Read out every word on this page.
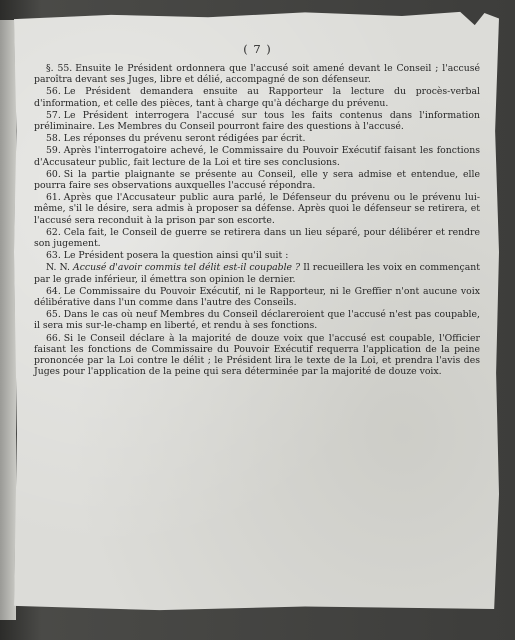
( 7 )

§. 55. Ensuite le Président ordonnera que l'accusé soit amené devant le Conseil ; l'accusé paroîtra devant ses Juges, libre et délié, accompagné de son défenseur.

56. Le Président demandera ensuite au Rapporteur la lecture du procès-verbal d'information, et celle des pièces, tant à charge qu'à décharge du prévenu.

57. Le Président interrogera l'accusé sur tous les faits contenus dans l'information préliminaire. Les Membres du Conseil pourront faire des questions à l'accusé.

58. Les réponses du prévenu seront rédigées par écrit.

59. Après l'interrogatoire achevé, le Commissaire du Pouvoir Exécutif faisant les fonctions d'Accusateur public, fait lecture de la Loi et tire ses conclusions.

60. Si la partie plaignante se présente au Conseil, elle y sera admise et entendue, elle pourra faire ses observations auxquelles l'accusé répondra.

61. Après que l'Accusateur public aura parlé, le Défenseur du prévenu ou le prévenu lui-même, s'il le désire, sera admis à proposer sa défense. Après quoi le défenseur se retirera, et l'accusé sera reconduit à la prison par son escorte.

62. Cela fait, le Conseil de guerre se retirera dans un lieu séparé, pour délibérer et rendre son jugement.

63. Le Président posera la question ainsi qu'il suit :

N. N. Accusé d'avoir commis tel délit est-il coupable ? Il recueillera les voix en commençant par le grade inférieur, il émettra son opinion le dernier.

64. Le Commissaire du Pouvoir Exécutif, ni le Rapporteur, ni le Greffier n'ont aucune voix délibérative dans l'un comme dans l'autre des Conseils.

65. Dans le cas où neuf Membres du Conseil déclareroient que l'accusé n'est pas coupable, il sera mis sur-le-champ en liberté, et rendu à ses fonctions.

66. Si le Conseil déclare à la majorité de douze voix que l'accusé est coupable, l'Officier faisant les fonctions de Commissaire du Pouvoir Exécutif requerra l'application de la peine prononcée par la Loi contre le délit ; le Président lira le texte de la Loi, et prendra l'avis des Juges pour l'application de la peine qui sera déterminée par la majorité de douze voix.
